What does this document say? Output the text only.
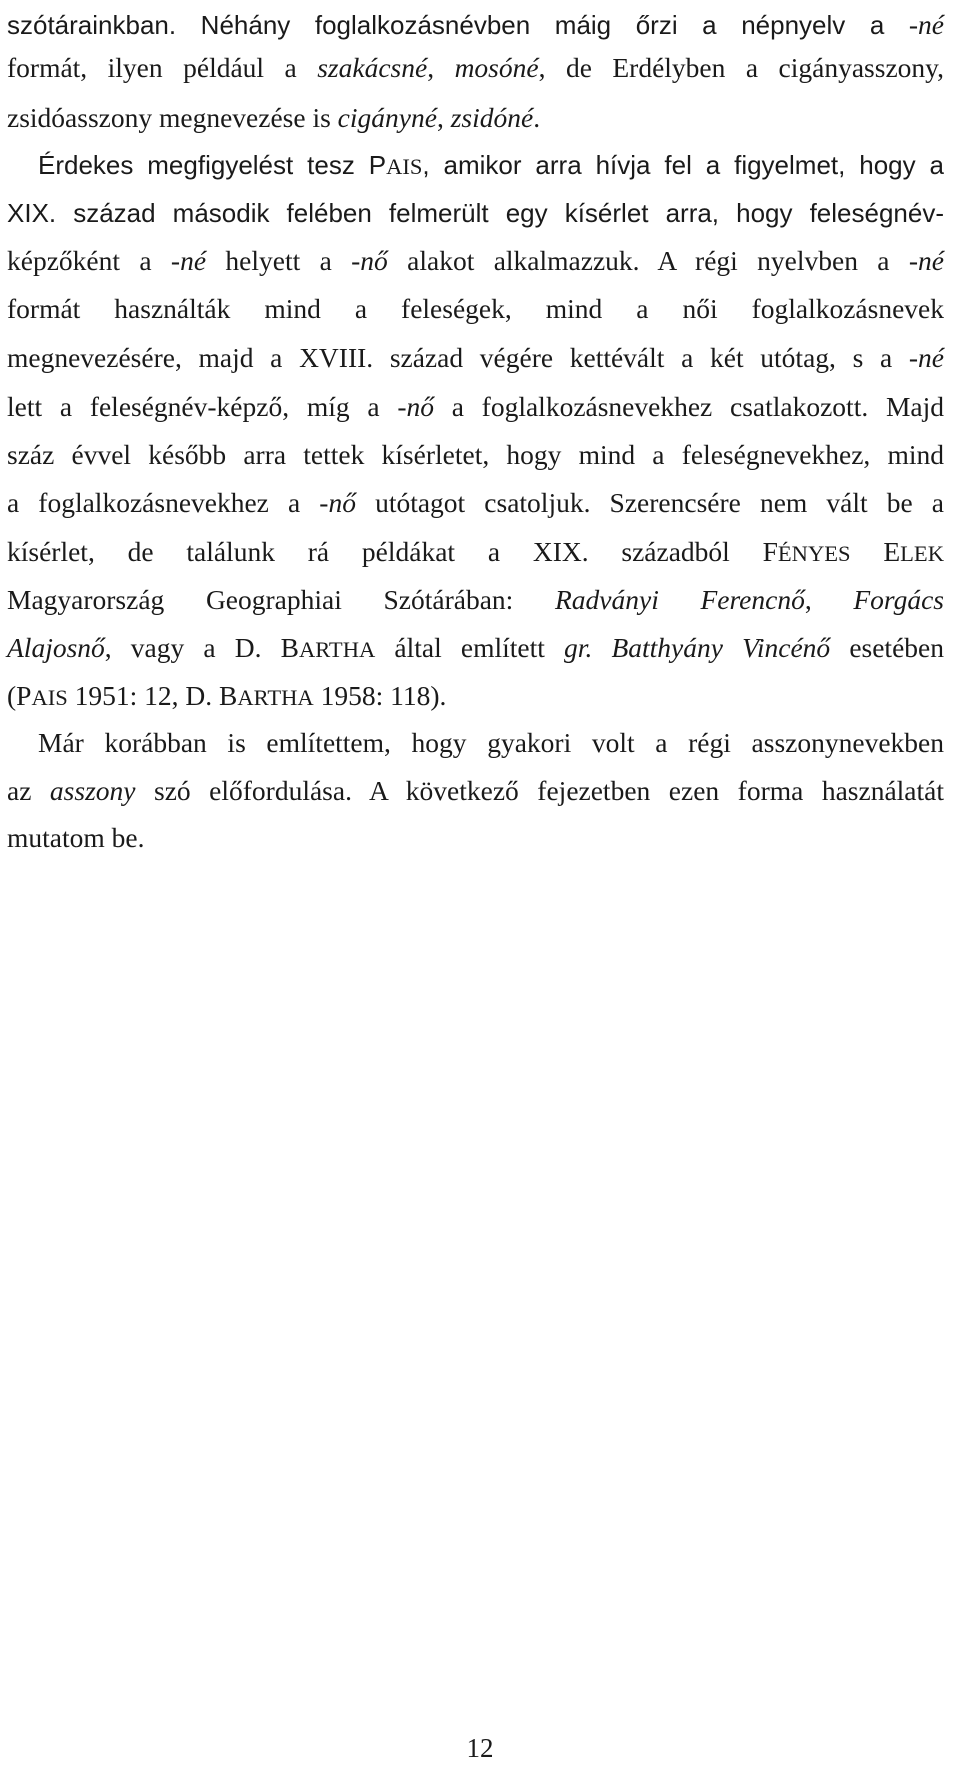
szótárainkban. Néhány foglalkozásnévben máig őrzi a népnyelv a -né
formát, ilyen például a szakácsné, mosóné, de Erdélyben a cigányasszony,
zsidóasszony megnevezése is cigányné, zsidóné.
Érdekes megfigyelést tesz PAIS, amikor arra hívja fel a figyelmet, hogy a
XIX. század második felében felmerült egy kísérlet arra, hogy feleségnév-
képzőként a -né helyett a -nő alakot alkalmazzuk. A régi nyelvben a -né
formát használták mind a feleségek, mind a női foglalkozásnevek
megnevezésére, majd a XVIII. század végére kettévált a két utótag, s a -né
lett a feleségnév-képző, míg a -nő a foglalkozásnevekhez csatlakozott. Majd
száz évvel később arra tettek kísérletet, hogy mind a feleségnevekhez, mind
a foglalkozásnevekhez a -nő utótagot csatoljuk. Szerencsére nem vált be a
kísérlet, de találunk rá példákat a XIX. századból FÉNYES ELEK
Magyarország Geographiai Szótárában: Radványi Ferencnő, Forgács
Alajosnő, vagy a D. BARTHA által említett gr. Batthyány Vincénő esetében
(PAIS 1951: 12, D. BARTHA 1958: 118).
Már korábban is említettem, hogy gyakori volt a régi asszonynevekben
az asszony szó előfordulása. A következő fejezetben ezen forma használatát
mutatom be.
12
